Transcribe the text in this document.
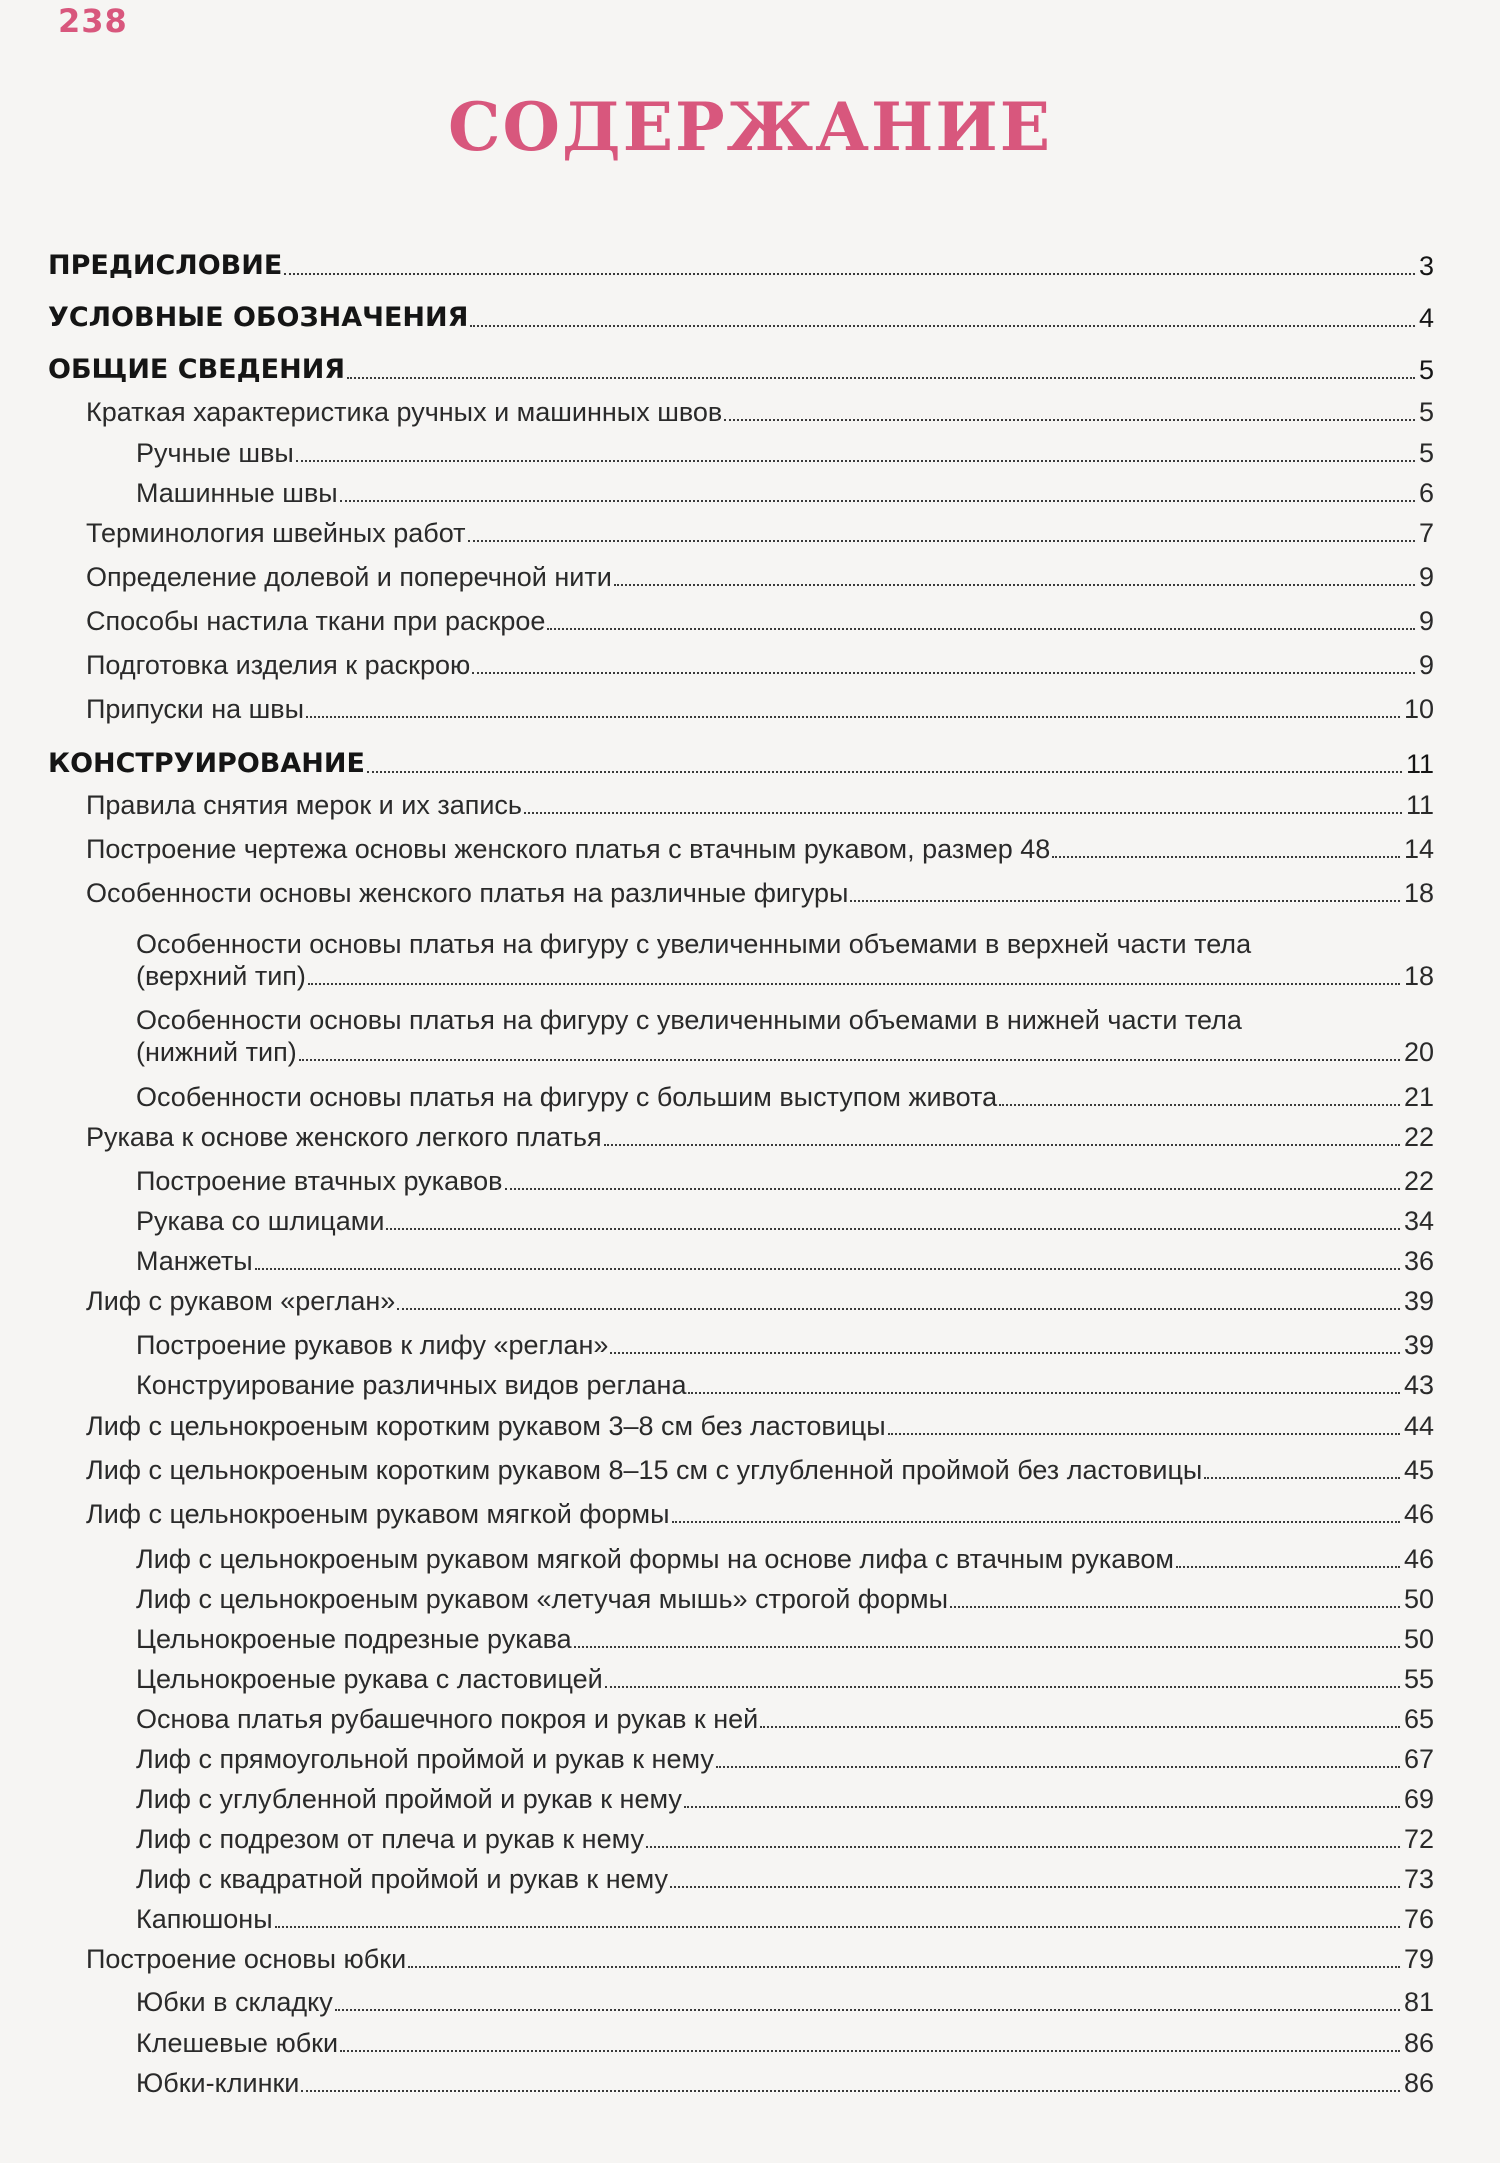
238
СОДЕРЖАНИЕ
ПРЕДИСЛОВИЕ	3
УСЛОВНЫЕ ОБОЗНАЧЕНИЯ	4
ОБЩИЕ СВЕДЕНИЯ	5
Краткая характеристика ручных и машинных швов	5
Ручные швы	5
Машинные швы	6
Терминология швейных работ	7
Определение долевой и поперечной нити	9
Способы настила ткани при раскрое	9
Подготовка изделия к раскрою	9
Припуски на швы	10
КОНСТРУИРОВАНИЕ	11
Правила снятия мерок и их запись	11
Построение чертежа основы женского платья с втачным рукавом, размер 48	14
Особенности основы женского платья на различные фигуры	18
Особенности основы платья на фигуру с увеличенными объемами в верхней части тела
(верхний тип)	18
Особенности основы платья на фигуру с увеличенными объемами в нижней части тела
(нижний тип)	20
Особенности основы платья на фигуру с большим выступом живота	21
Рукава к основе женского легкого платья	22
Построение втачных рукавов	22
Рукава со шлицами	34
Манжеты	36
Лиф с рукавом «реглан»	39
Построение рукавов к лифу «реглан»	39
Конструирование различных видов реглана	43
Лиф с цельнокроеным коротким рукавом 3–8 см без ластовицы	44
Лиф с цельнокроеным коротким рукавом 8–15 см с углубленной проймой без ластовицы	45
Лиф с цельнокроеным рукавом мягкой формы	46
Лиф с цельнокроеным рукавом мягкой формы на основе лифа с втачным рукавом	46
Лиф с цельнокроеным рукавом «летучая мышь» строгой формы	50
Цельнокроеные подрезные рукава	50
Цельнокроеные рукава с ластовицей	55
Основа платья рубашечного покроя и рукав к ней	65
Лиф с прямоугольной проймой и рукав к нему	67
Лиф с углубленной проймой и рукав к нему	69
Лиф с подрезом от плеча и рукав к нему	72
Лиф с квадратной проймой и рукав к нему	73
Капюшоны	76
Построение основы юбки	79
Юбки в складку	81
Клешевые юбки	86
Юбки-клинки	86
